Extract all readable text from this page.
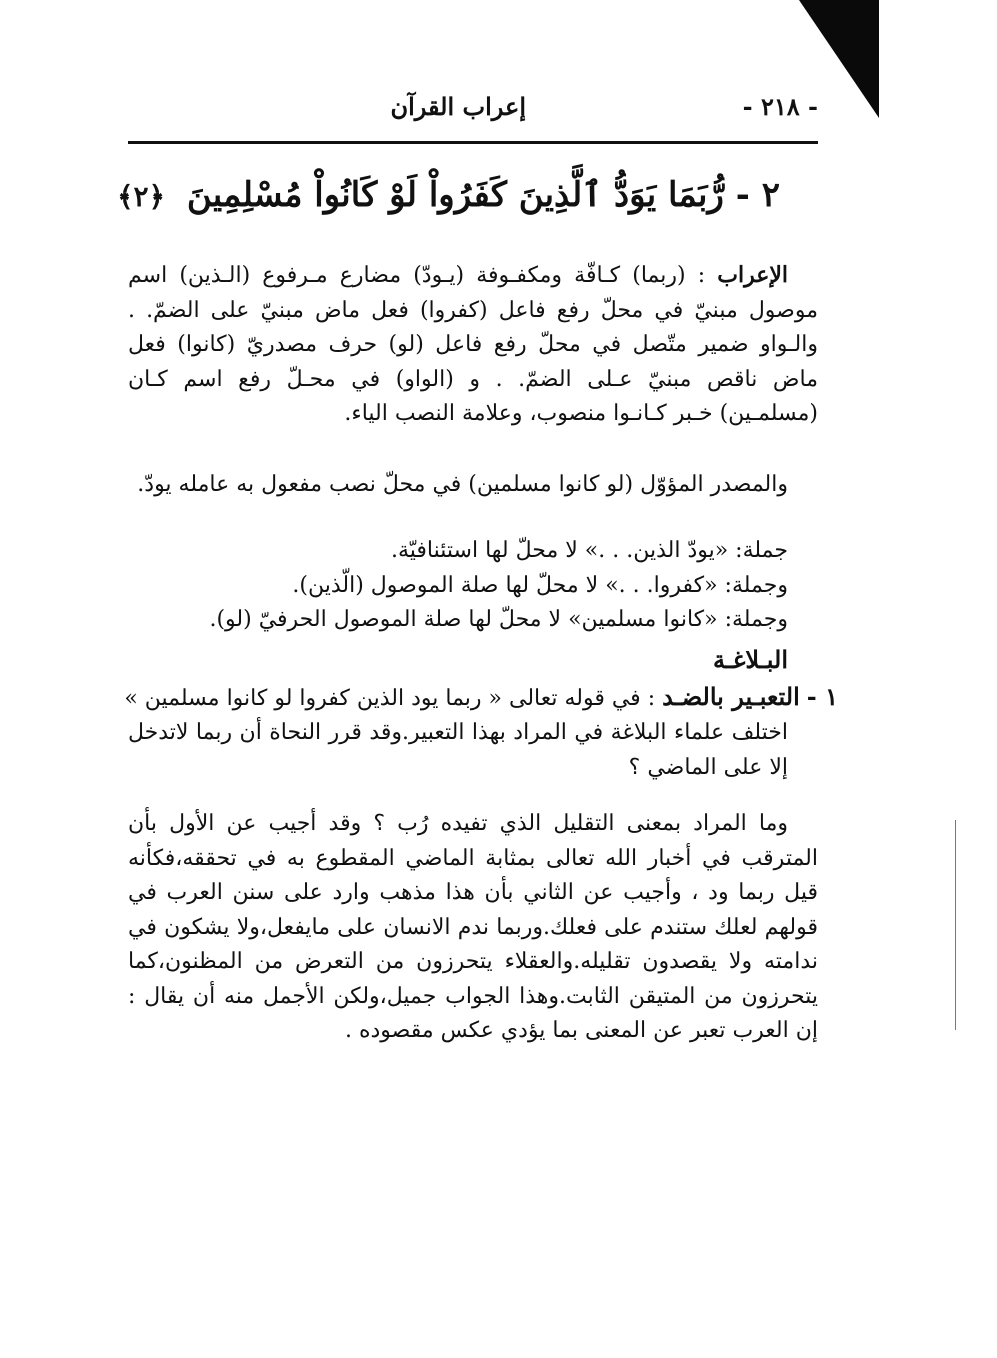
- ٢١٨ -
إعراب القرآن
٢ - رُّبَمَا يَوَدُّ ٱلَّذِينَ كَفَرُواْ لَوْ كَانُواْ مُسْلِمِينَ ﴿٢﴾

الإعراب : (ربما) كـافّة ومكفـوفة (يـودّ) مضارع مـرفوع (الـذين) اسم موصول مبنيّ في محلّ رفع فاعل (كفروا) فعل ماض مبنيّ على الضمّ. . والـواو ضمير متّصل في محلّ رفع فاعل (لو) حرف مصدريّ (كانوا) فعل ماض ناقص مبنيّ عـلى الضمّ. . و (الواو) في محـلّ رفع اسم كـان (مسلمـين) خـبر كـانـوا منصوب، وعلامة النصب الياء.

والمصدر المؤوّل (لو كانوا مسلمين) في محلّ نصب مفعول به عامله يودّ.

جملة: «يودّ الذين. . .» لا محلّ لها استئنافيّة.
وجملة: «كفروا. . .» لا محلّ لها صلة الموصول (الّذين).
وجملة: «كانوا مسلمين» لا محلّ لها صلة الموصول الحرفيّ (لو).
البـلاغـة
١ - التعبـير بالضـد : في قوله تعالى « ربما يود الذين كفروا لو كانوا مسلمين »
اختلف علماء البلاغة في المراد بهذا التعبير.وقد قرر النحاة أن ربما لاتدخل إلا على الماضي ؟

وما المراد بمعنى التقليل الذي تفيده رُب ؟ وقد أجيب عن الأول بأن المترقب في أخبار الله تعالى بمثابة الماضي المقطوع به في تحققه،فكأنه قيل ربما ود ، وأجيب عن الثاني بأن هذا مذهب وارد على سنن العرب في قولهم لعلك ستندم على فعلك.وربما ندم الانسان على مايفعل،ولا يشكون في ندامته ولا يقصدون تقليله.والعقلاء يتحرزون من التعرض من المظنون،كما يتحرزون من المتيقن الثابت.وهذا الجواب جميل،ولكن الأجمل منه أن يقال : إن العرب تعبر عن المعنى بما يؤدي عكس مقصوده .
